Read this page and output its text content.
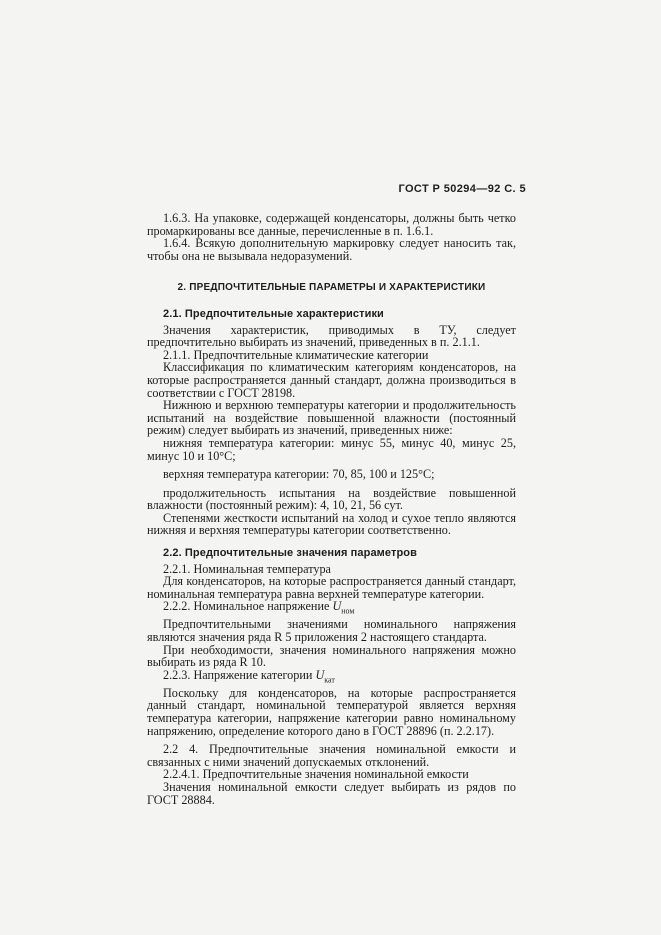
ГОСТ Р 50294—92 С. 5

1.6.3. На упаковке, содержащей конденсаторы, должны быть четко промаркированы все данные, перечисленные в п. 1.6.1.

1.6.4. Всякую дополнительную маркировку следует наносить так, чтобы она не вызывала недоразумений.

2. ПРЕДПОЧТИТЕЛЬНЫЕ ПАРАМЕТРЫ И ХАРАКТЕРИСТИКИ

2.1. Предпочтительные характеристики

Значения характеристик, приводимых в ТУ, следует предпочтительно выбирать из значений, приведенных в п. 2.1.1.

2.1.1. Предпочтительные климатические категории

Классификация по климатическим категориям конденсаторов, на которые распространяется данный стандарт, должна производиться в соответствии с ГОСТ 28198.

Нижнюю и верхнюю температуры категории и продолжительность испытаний на воздействие повышенной влажности (постоянный режим) следует выбирать из значений, приведенных ниже:

нижняя температура категории: минус 55, минус 40, минус 25, минус 10 и 10°С;

верхняя температура категории: 70, 85, 100 и 125°С;

продолжительность испытания на воздействие повышенной влажности (постоянный режим): 4, 10, 21, 56 сут.

Степенями жесткости испытаний на холод и сухое тепло являются нижняя и верхняя температуры категории соответственно.

2.2. Предпочтительные значения параметров

2.2.1. Номинальная температура

Для конденсаторов, на которые распространяется данный стандарт, номинальная температура равна верхней температуре категории.

2.2.2. Номинальное напряжение $U_{ном}$

Предпочтительными значениями номинального напряжения являются значения ряда R 5 приложения 2 настоящего стандарта.

При необходимости, значения номинального напряжения можно выбирать из ряда R 10.

2.2.3. Напряжение категории $U_{кат}$

Поскольку для конденсаторов, на которые распространяется данный стандарт, номинальной температурой является верхняя температура категории, напряжение категории равно номинальному напряжению, определение которого дано в ГОСТ 28896 (п. 2.2.17).

2.2 4. Предпочтительные значения номинальной емкости и связанных с ними значений допускаемых отклонений.

2.2.4.1. Предпочтительные значения номинальной емкости

Значения номинальной емкости следует выбирать из рядов по ГОСТ 28884.
